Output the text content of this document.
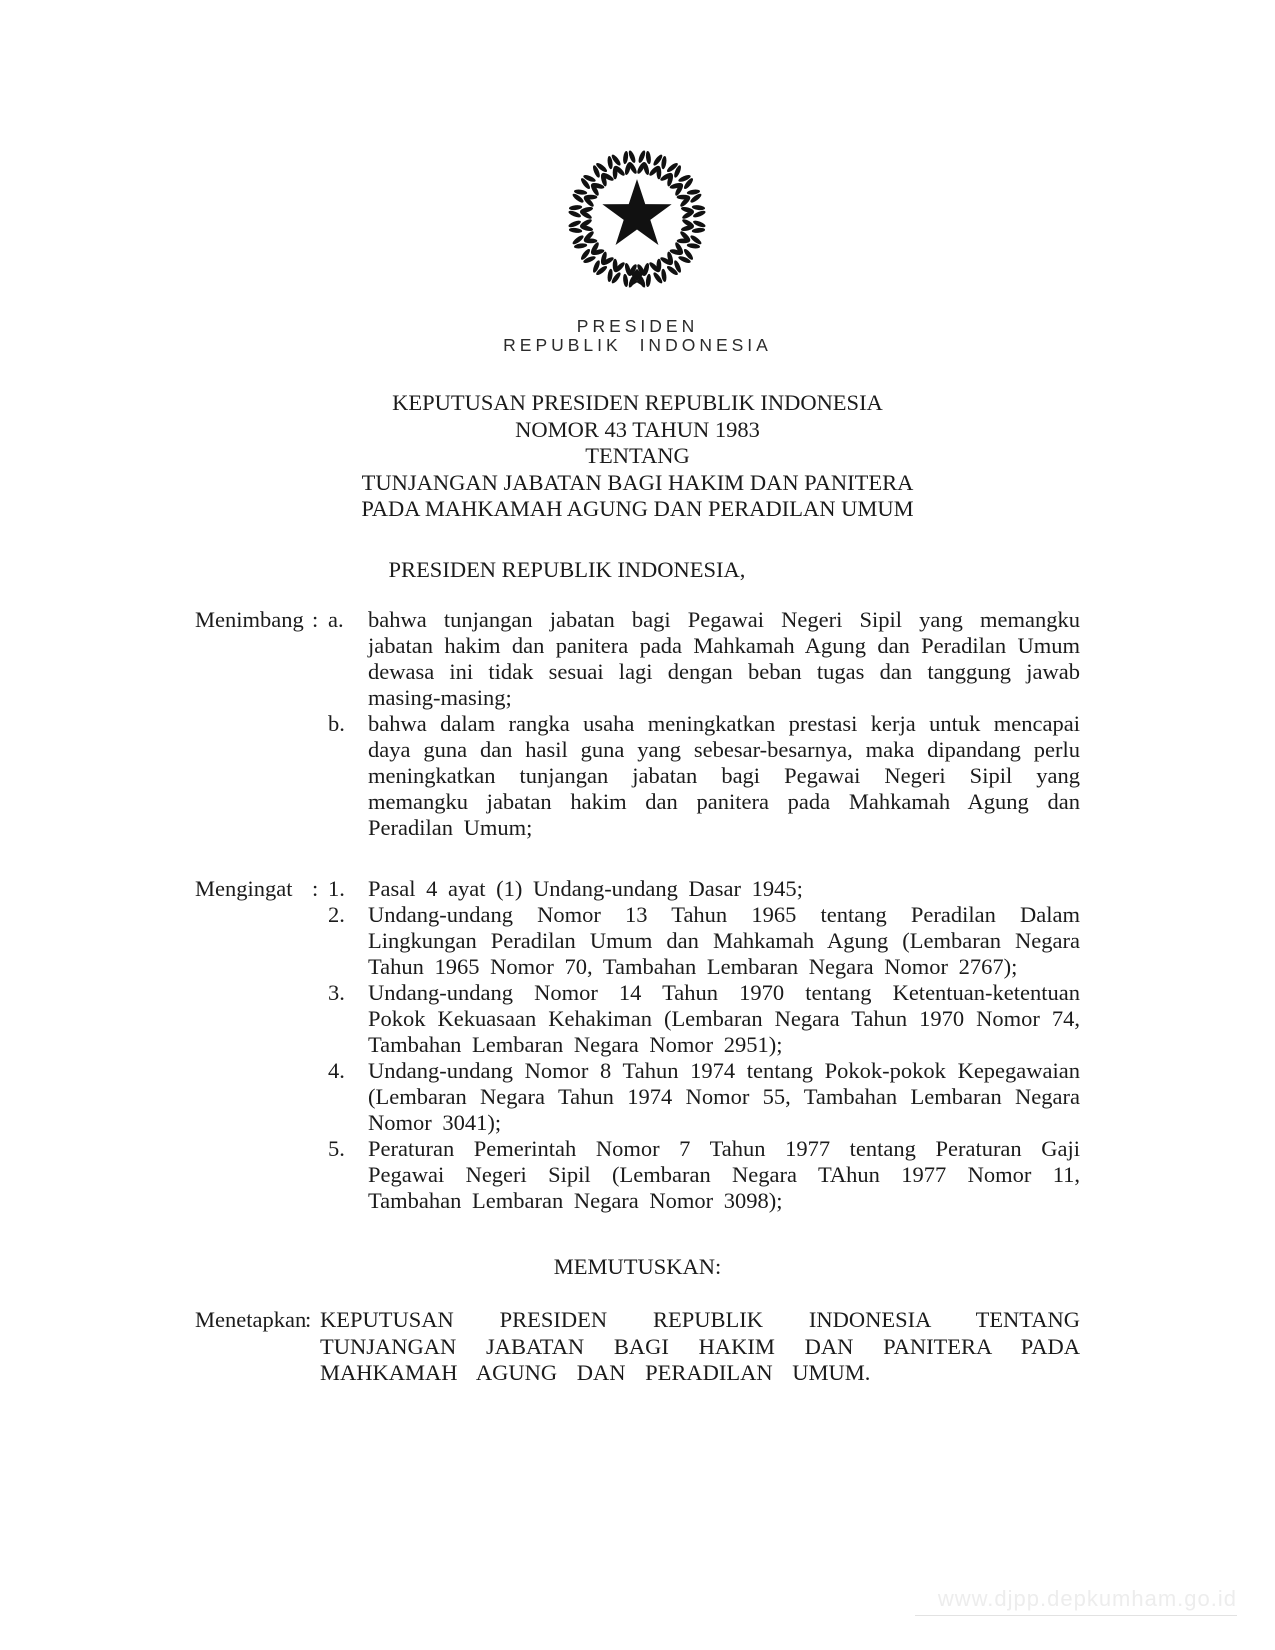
PRESIDEN
REPUBLIK INDONESIA
KEPUTUSAN PRESIDEN REPUBLIK INDONESIA
NOMOR 43 TAHUN 1983
TENTANG
TUNJANGAN JABATAN BAGI HAKIM DAN PANITERA
PADA MAHKAMAH AGUNG DAN PERADILAN UMUM
PRESIDEN REPUBLIK INDONESIA,
Menimbang : a.	bahwa tunjangan jabatan bagi Pegawai Negeri Sipil yang memangku jabatan hakim dan panitera pada Mahkamah Agung dan Peradilan Umum dewasa ini tidak sesuai lagi dengan beban tugas dan tanggung jawab masing-masing;
b.	bahwa dalam rangka usaha meningkatkan prestasi kerja untuk mencapai daya guna dan hasil guna yang sebesar-besarnya, maka dipandang perlu meningkatkan tunjangan jabatan bagi Pegawai Negeri Sipil yang memangku jabatan hakim dan panitera pada Mahkamah Agung dan Peradilan Umum;
Mengingat : 1.	Pasal 4 ayat (1) Undang-undang Dasar 1945;
2.	Undang-undang Nomor 13 Tahun 1965 tentang Peradilan Dalam Lingkungan Peradilan Umum dan Mahkamah Agung (Lembaran Negara Tahun 1965 Nomor 70, Tambahan Lembaran Negara Nomor 2767);
3.	Undang-undang Nomor 14 Tahun 1970 tentang Ketentuan-ketentuan Pokok Kekuasaan Kehakiman (Lembaran Negara Tahun 1970 Nomor 74, Tambahan Lembaran Negara Nomor 2951);
4.	Undang-undang Nomor 8 Tahun 1974 tentang Pokok-pokok Kepegawaian (Lembaran Negara Tahun 1974 Nomor 55, Tambahan Lembaran Negara Nomor 3041);
5.	Peraturan Pemerintah Nomor 7 Tahun 1977 tentang Peraturan Gaji Pegawai Negeri Sipil (Lembaran Negara TAhun 1977 Nomor 11, Tambahan Lembaran Negara Nomor 3098);
MEMUTUSKAN:
Menetapkan
: KEPUTUSAN PRESIDEN REPUBLIK INDONESIA TENTANG TUNJANGAN JABATAN BAGI HAKIM DAN PANITERA PADA MAHKAMAH AGUNG DAN PERADILAN UMUM.
www.djpp.depkumham.go.id
